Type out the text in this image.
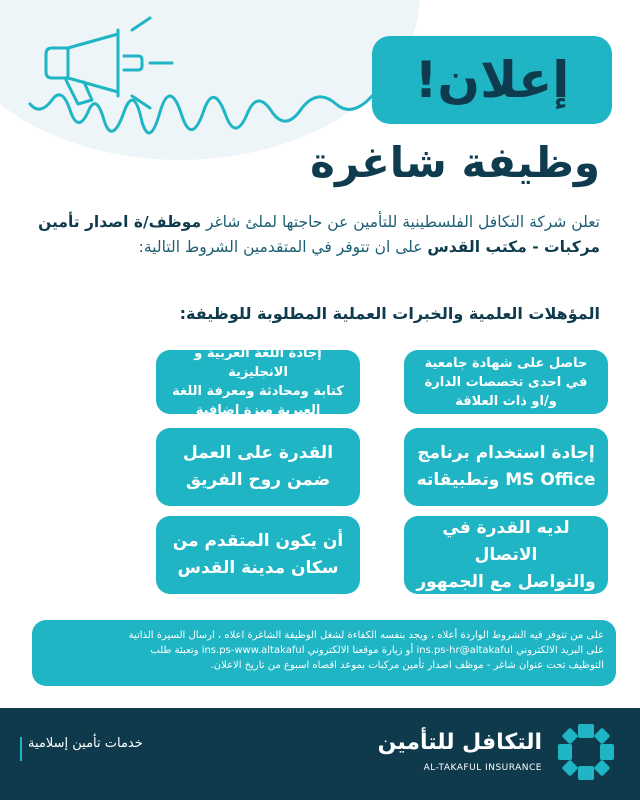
إعلان!
وظيفة شاغرة
تعلن شركة التكافل الفلسطينية للتأمين عن حاجتها لملئ شاغر موظف/ة اصدار تأمين مركبات - مكتب القدس على ان تتوفر في المتقدمين الشروط التالية:
المؤهلات العلمية والخبرات العملية المطلوبة للوظيفة:
حاصل على شهادة جامعية
في احدى تخصصات الدارة
و/او ذات العلاقة
إجادة اللغة العربية و الانجليزية
كتابة ومحادثة ومعرفة اللغة
العبرية ميزة اضافية
إجادة استخدام برنامج
MS Office وتطبيقاته
القدرة على العمل
ضمن روح الفريق
لديه القدرة في الاتصال
والتواصل مع الجمهور
أن يكون المتقدم من
سكان مدينة القدس
على من تتوفر فيه الشروط الواردة أعلاه ، ويجد بنفسه الكفاءة لشغل الوظيفة الشاغرة اعلاه ، ارسال السيرة الذاتية
على البريد الالكتروني ins.ps-hr@altakaful أو زيارة موقعنا الالكتروني ins.ps-www.altakaful وتعبئة طلب
التوظيف تحت عنوان شاغر - موظف اصدار تأمين مركبات بموعد اقصاه اسبوع من تاريخ الاعلان.
خدمات تأمين إسلامية	التكافل للتأمين
AL-TAKAFUL INSURANCE
